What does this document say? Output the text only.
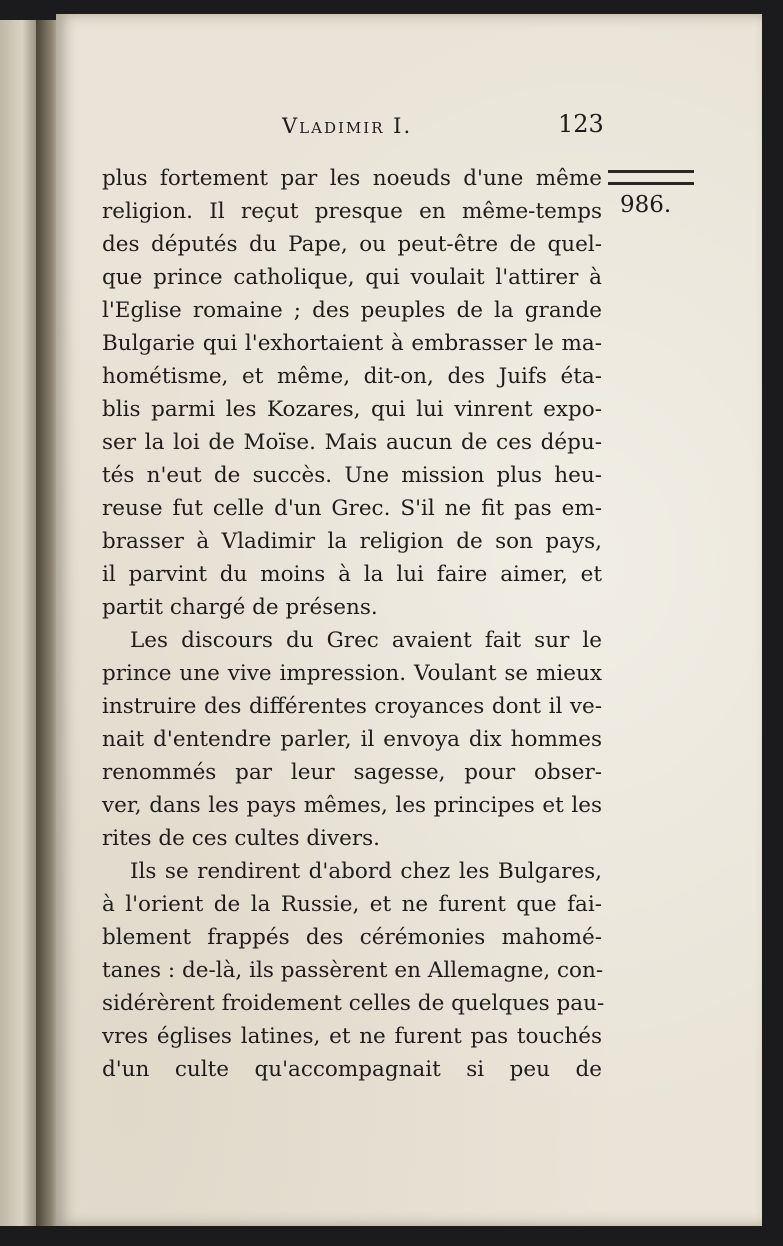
Vladimir I.	123
986.
plus fortement par les noeuds d'une même
religion. Il reçut presque en même-temps
des députés du Pape, ou peut-être de quel-
que prince catholique, qui voulait l'attirer à
l'Eglise romaine ; des peuples de la grande
Bulgarie qui l'exhortaient à embrasser le ma-
hométisme, et même, dit-on, des Juifs éta-
blis parmi les Kozares, qui lui vinrent expo-
ser la loi de Moïse. Mais aucun de ces dépu-
tés n'eut de succès. Une mission plus heu-
reuse fut celle d'un Grec. S'il ne fit pas em-
brasser à Vladimir la religion de son pays,
il parvint du moins à la lui faire aimer, et
partit chargé de présens.
Les discours du Grec avaient fait sur le
prince une vive impression. Voulant se mieux
instruire des différentes croyances dont il ve-
nait d'entendre parler, il envoya dix hommes
renommés par leur sagesse, pour obser-
ver, dans les pays mêmes, les principes et les
rites de ces cultes divers.
Ils se rendirent d'abord chez les Bulgares,
à l'orient de la Russie, et ne furent que fai-
blement frappés des cérémonies mahomé-
tanes : de-là, ils passèrent en Allemagne, con-
sidérèrent froidement celles de quelques pau-
vres églises latines, et ne furent pas touchés
d'un culte qu'accompagnait si peu de
